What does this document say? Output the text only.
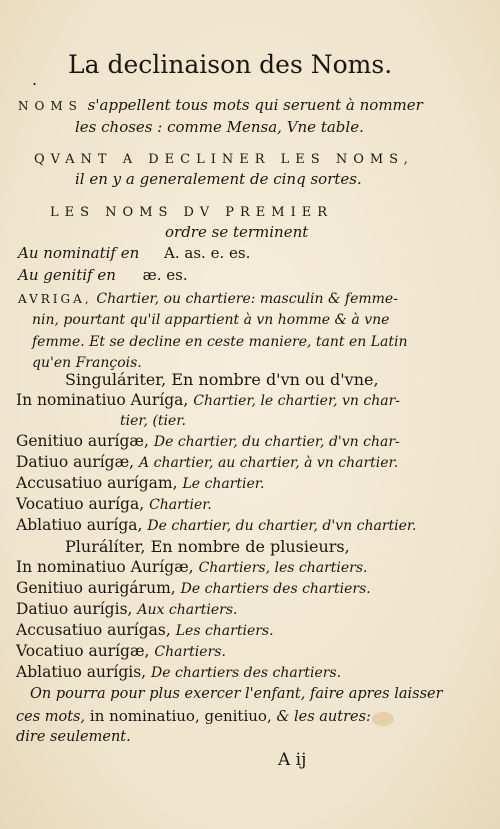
.
La declinaison des Noms.
NOMS s'appellent tous mots qui seruent à nommer
les choses : comme Mensa, Vne table.
QVANT A DECLINER LES NOMS,
il en y a generalement de cinq sortes.
LES NOMS DV PREMIER
ordre se terminent
Au nominatif en A. as. e. es.
Au genitif en æ. es.
AVRIGA, Chartier, ou chartiere: masculin & femme-
nin, pourtant qu'il appartient à vn homme & à vne
femme. Et se decline en ceste maniere, tant en Latin
qu'en François.
Singuláriter, En nombre d'vn ou d'vne,
In nominatiuo Auríga, Chartier, le chartier, vn char-
tier, (tier.
Genitiuo aurígæ, De chartier, du chartier, d'vn char-
Datiuo aurígæ, A chartier, au chartier, à vn chartier.
Accusatiuo aurígam, Le chartier.
Vocatiuo auríga, Chartier.
Ablatiuo auríga, De chartier, du chartier, d'vn chartier.
Plurálíter, En nombre de plusieurs,
In nominatiuo Aurígæ, Chartiers, les chartiers.
Genitiuo aurigárum, De chartiers des chartiers.
Datiuo aurígis, Aux chartiers.
Accusatiuo aurígas, Les chartiers.
Vocatiuo aurígæ, Chartiers.
Ablatiuo aurígis, De chartiers des chartiers.
On pourra pour plus exercer l'enfant, faire apres laisser
ces mots, in nominatiuo, genitiuo, & les autres:
dire seulement.
A ij
